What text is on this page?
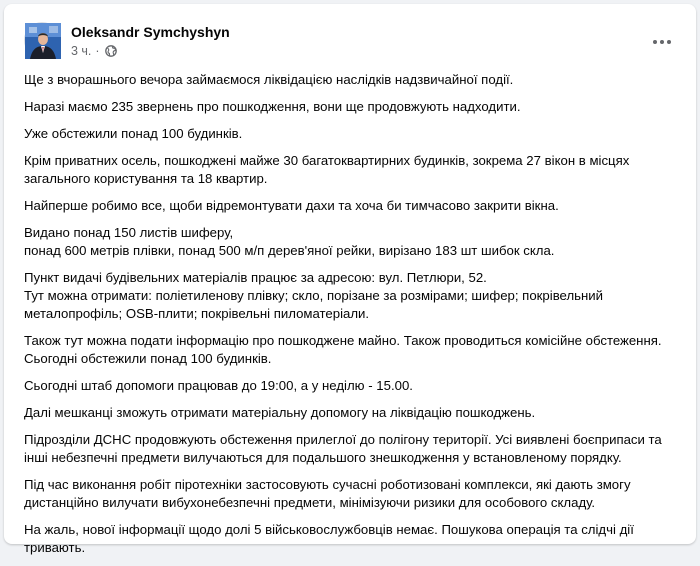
Oleksandr Symchyshyn
3 ч. ·

Ще з вчорашнього вечора займаємося ліквідацією наслідків надзвичайної події.

Наразі маємо 235 звернень про пошкодження, вони ще продовжують надходити.

Уже обстежили понад 100 будинків.

Крім приватних осель, пошкоджені майже 30 багатоквартирних будинків, зокрема 27 вікон в місцях загального користування та 18 квартир.

Найперше робимо все, щоби відремонтувати дахи та хоча би тимчасово закрити вікна.

Видано понад 150 листів шиферу,
понад 600 метрів плівки, понад 500 м/п дерев'яної рейки, вирізано 183 шт шибок скла.

Пункт видачі будівельних матеріалів працює за адресою: вул. Петлюри, 52.
Тут можна отримати: поліетиленову плівку; скло, порізане за розмірами; шифер; покрівельний металопрофіль; OSB-плити; покрівельні пиломатеріали.

Також тут можна подати інформацію про пошкоджене майно. Також проводиться комісійне обстеження. Сьогодні обстежили понад 100 будинків.

Сьогодні штаб допомоги працював до 19:00, а у неділю - 15.00.

Далі мешканці зможуть отримати матеріальну допомогу на ліквідацію пошкоджень.

Підрозділи ДСНС продовжують обстеження прилеглої до полігону території. Усі виявлені боєприпаси та інші небезпечні предмети вилучаються для подальшого знешкодження у встановленому порядку.

Під час виконання робіт піротехніки застосовують сучасні роботизовані комплекси, які дають змогу дистанційно вилучати вибухонебезпечні предмети, мінімізуючи ризики для особового складу.

На жаль, нової інформації щодо долі 5 військовослужбовців немає. Пошукова операція та слідчі дії тривають.
